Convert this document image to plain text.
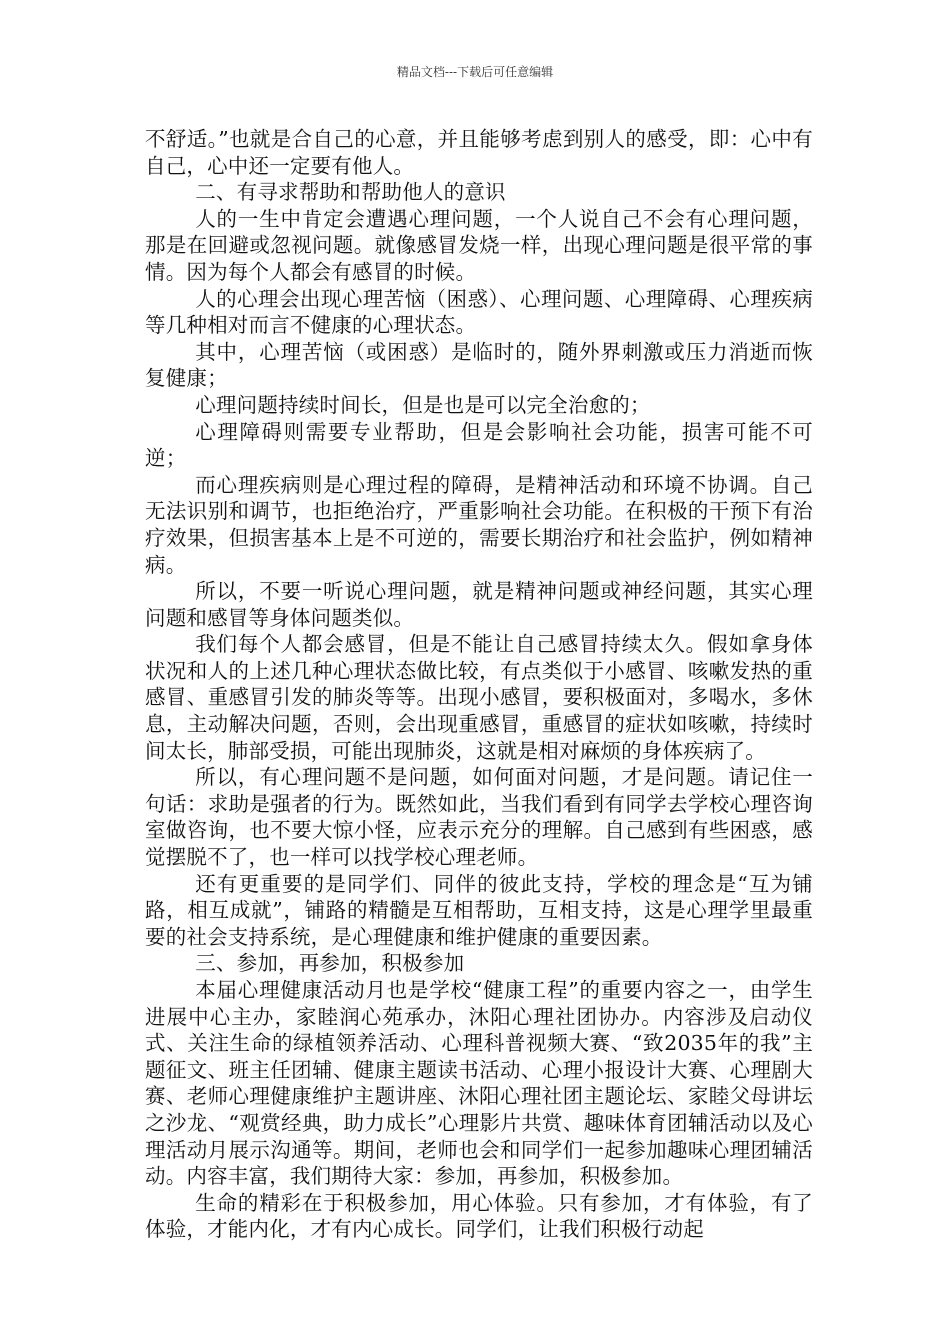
精品文档---下载后可任意编辑

不舒适。”也就是合自己的心意，并且能够考虑到别人的感受，即：心中有自己，心中还一定要有他人。

二、有寻求帮助和帮助他人的意识

人的一生中肯定会遭遇心理问题，一个人说自己不会有心理问题，那是在回避或忽视问题。就像感冒发烧一样，出现心理问题是很平常的事情。因为每个人都会有感冒的时候。

人的心理会出现心理苦恼（困惑）、心理问题、心理障碍、心理疾病等几种相对而言不健康的心理状态。

其中，心理苦恼（或困惑）是临时的，随外界刺激或压力消逝而恢复健康；

心理问题持续时间长，但是也是可以完全治愈的；

心理障碍则需要专业帮助，但是会影响社会功能，损害可能不可逆；

而心理疾病则是心理过程的障碍，是精神活动和环境不协调。自己无法识别和调节，也拒绝治疗，严重影响社会功能。在积极的干预下有治疗效果，但损害基本上是不可逆的，需要长期治疗和社会监护，例如精神病。

所以，不要一听说心理问题，就是精神问题或神经问题，其实心理问题和感冒等身体问题类似。

我们每个人都会感冒，但是不能让自己感冒持续太久。假如拿身体状况和人的上述几种心理状态做比较，有点类似于小感冒、咳嗽发热的重感冒、重感冒引发的肺炎等等。出现小感冒，要积极面对，多喝水，多休息，主动解决问题，否则，会出现重感冒，重感冒的症状如咳嗽，持续时间太长，肺部受损，可能出现肺炎，这就是相对麻烦的身体疾病了。

所以，有心理问题不是问题，如何面对问题，才是问题。请记住一句话：求助是强者的行为。既然如此，当我们看到有同学去学校心理咨询室做咨询，也不要大惊小怪，应表示充分的理解。自己感到有些困惑，感觉摆脱不了，也一样可以找学校心理老师。

还有更重要的是同学们、同伴的彼此支持，学校的理念是“互为铺路，相互成就”，铺路的精髓是互相帮助，互相支持，这是心理学里最重要的社会支持系统，是心理健康和维护健康的重要因素。

三、参加，再参加，积极参加

本届心理健康活动月也是学校“健康工程”的重要内容之一，由学生进展中心主办，家睦润心苑承办，沐阳心理社团协办。内容涉及启动仪式、关注生命的绿植领养活动、心理科普视频大赛、“致2035年的我”主题征文、班主任团辅、健康主题读书活动、心理小报设计大赛、心理剧大赛、老师心理健康维护主题讲座、沐阳心理社团主题论坛、家睦父母讲坛之沙龙、“观赏经典，助力成长”心理影片共赏、趣味体育团辅活动以及心理活动月展示沟通等。期间，老师也会和同学们一起参加趣味心理团辅活动。内容丰富，我们期待大家：参加，再参加，积极参加。

生命的精彩在于积极参加，用心体验。只有参加，才有体验，有了体验，才能内化，才有内心成长。同学们，让我们积极行动起
